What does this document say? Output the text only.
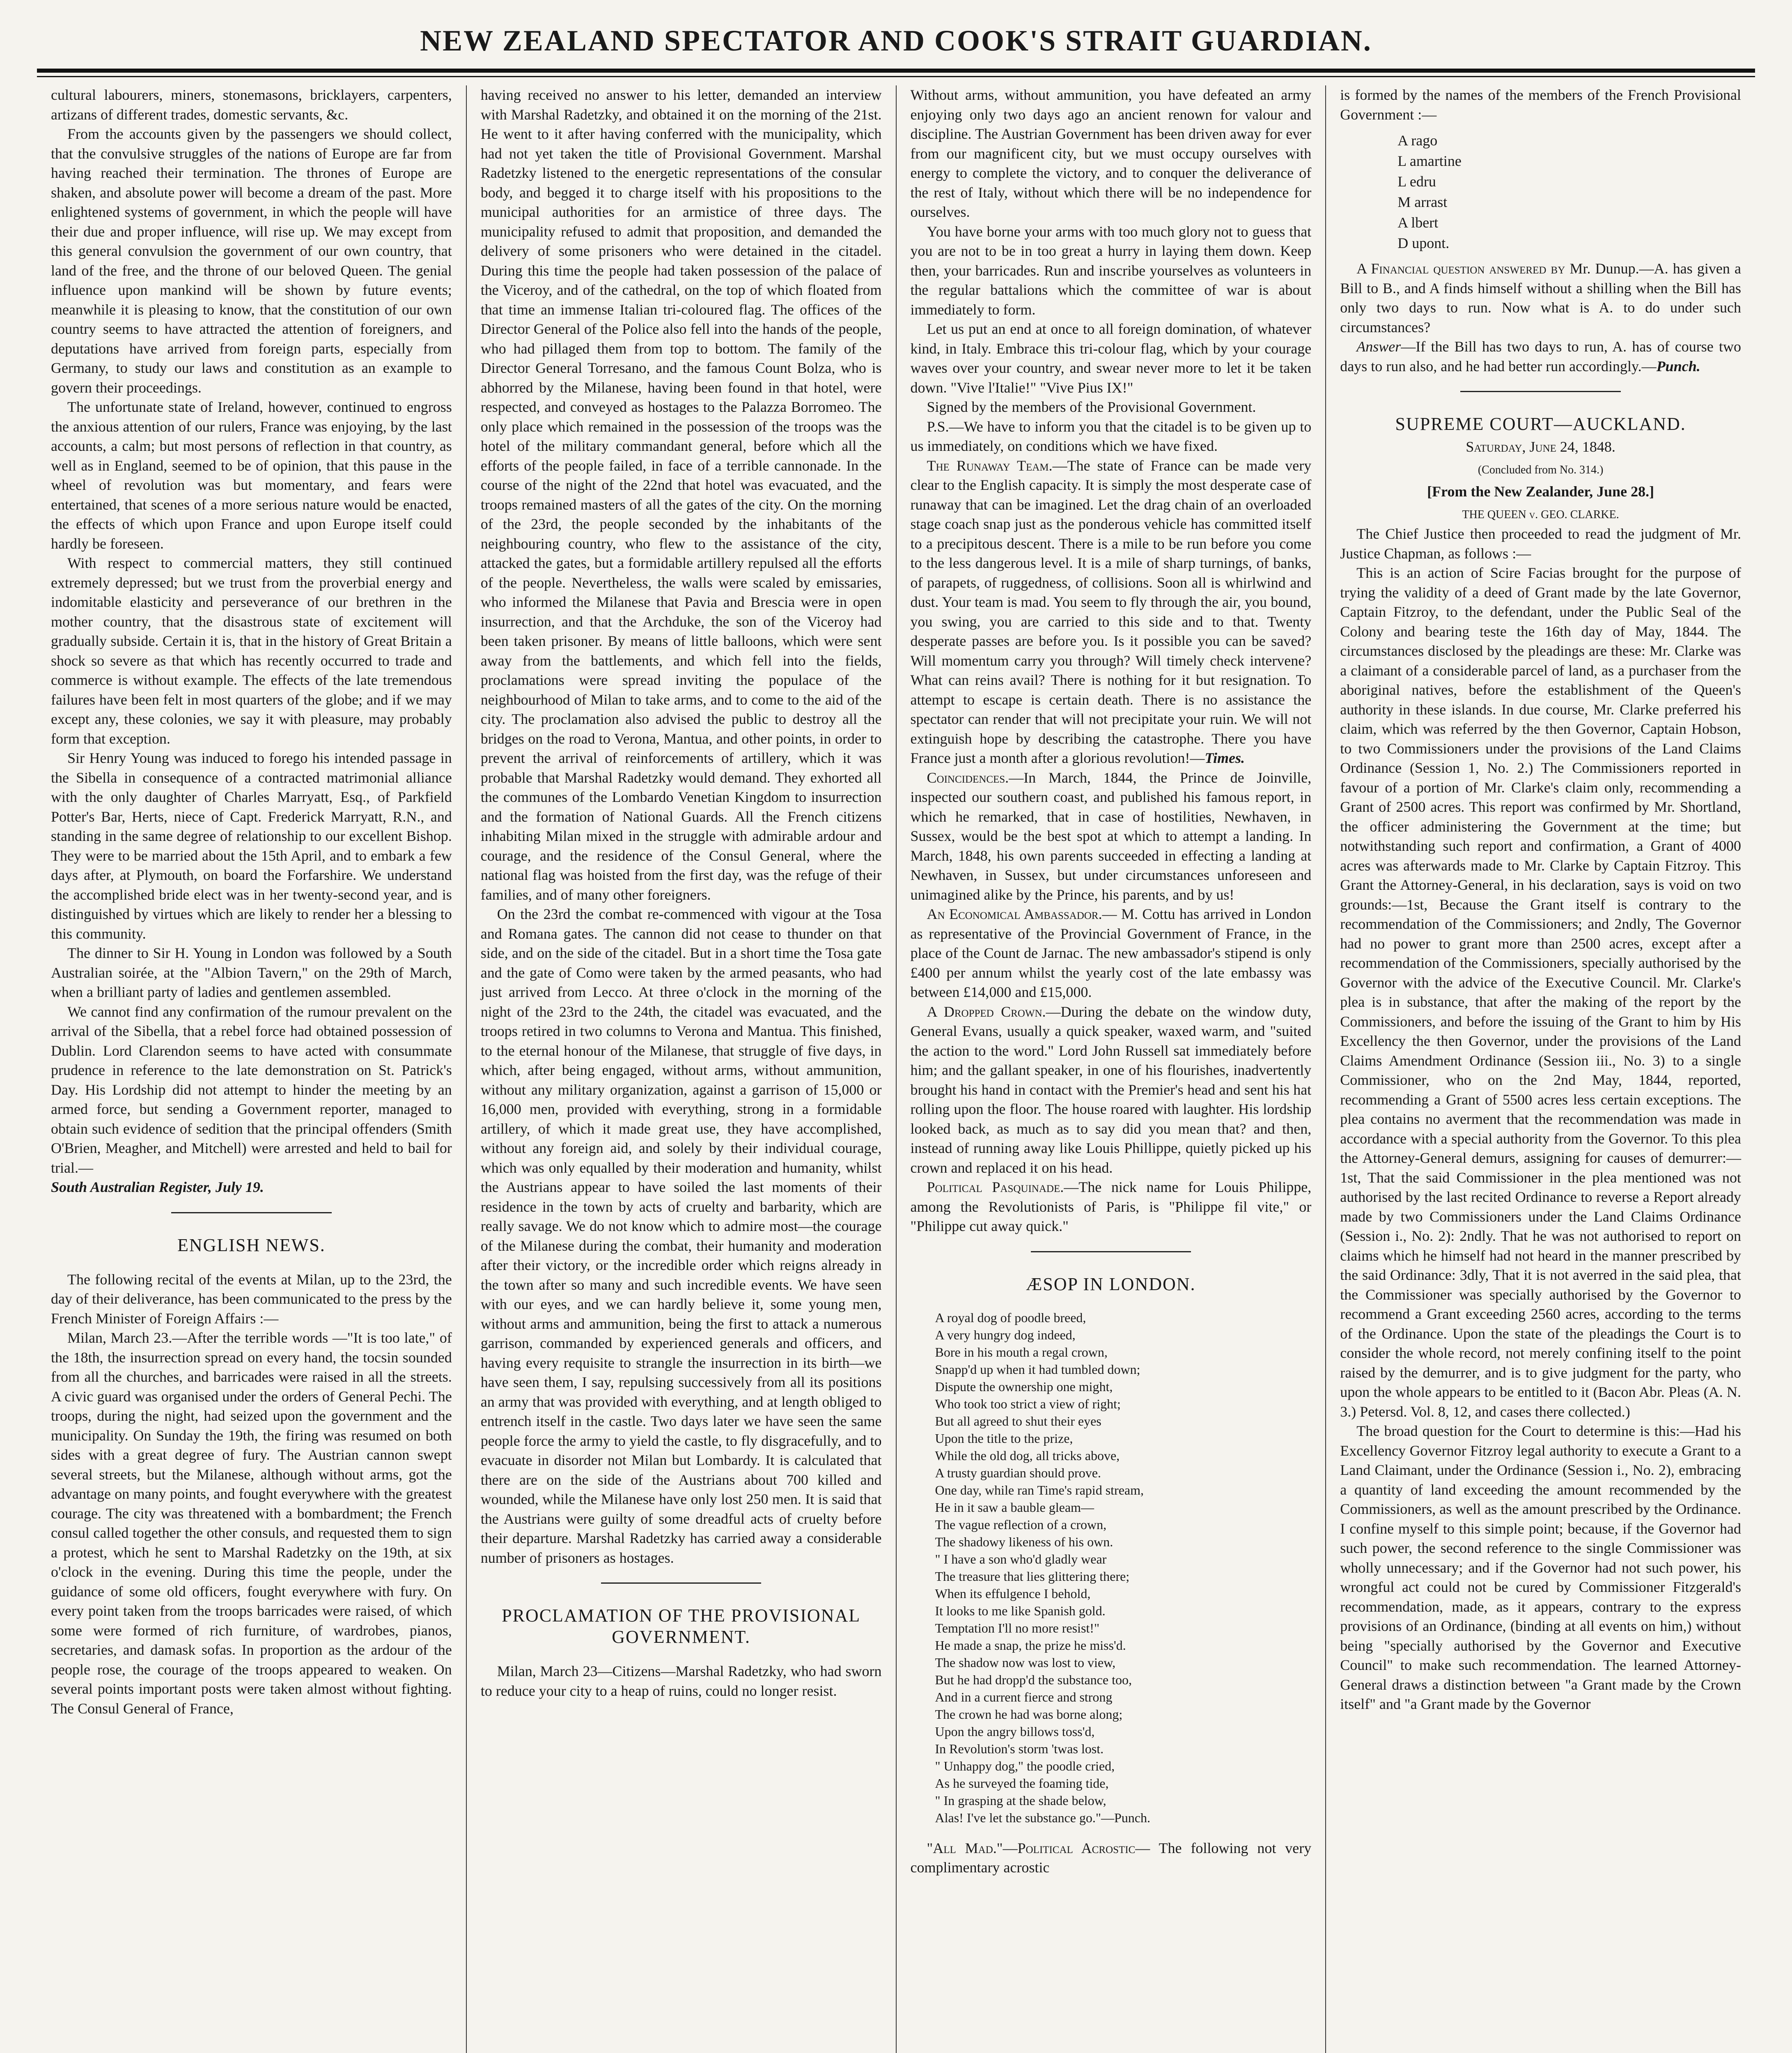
NEW ZEALAND SPECTATOR AND COOK'S STRAIT GUARDIAN.

cultural labourers, miners, stonemasons, bricklayers, carpenters, artizans of different trades, domestic servants, &c.

From the accounts given by the passengers we should collect, that the convulsive struggles of the nations of Europe are far from having reached their termination. The thrones of Europe are shaken, and absolute power will become a dream of the past. More enlightened systems of government, in which the people will have their due and proper influence, will rise up. We may except from this general convulsion the government of our own country, that land of the free, and the throne of our beloved Queen. The genial influence upon mankind will be shown by future events; meanwhile it is pleasing to know, that the constitution of our own country seems to have attracted the attention of foreigners, and deputations have arrived from foreign parts, especially from Germany, to study our laws and constitution as an example to govern their proceedings.

The unfortunate state of Ireland, however, continued to engross the anxious attention of our rulers, France was enjoying, by the last accounts, a calm; but most persons of reflection in that country, as well as in England, seemed to be of opinion, that this pause in the wheel of revolution was but momentary, and fears were entertained, that scenes of a more serious nature would be enacted, the effects of which upon France and upon Europe itself could hardly be foreseen.

With respect to commercial matters, they still continued extremely depressed; but we trust from the proverbial energy and indomitable elasticity and perseverance of our brethren in the mother country, that the disastrous state of excitement will gradually subside. Certain it is, that in the history of Great Britain a shock so severe as that which has recently occurred to trade and commerce is without example. The effects of the late tremendous failures have been felt in most quarters of the globe; and if we may except any, these colonies, we say it with pleasure, may probably form that exception.

Sir Henry Young was induced to forego his intended passage in the Sibella in consequence of a contracted matrimonial alliance with the only daughter of Charles Marryatt, Esq., of Parkfield Potter's Bar, Herts, niece of Capt. Frederick Marryatt, R.N., and standing in the same degree of relationship to our excellent Bishop. They were to be married about the 15th April, and to embark a few days after, at Plymouth, on board the Forfarshire. We understand the accomplished bride elect was in her twenty-second year, and is distinguished by virtues which are likely to render her a blessing to this community.

The dinner to Sir H. Young in London was followed by a South Australian soirée, at the "Albion Tavern," on the 29th of March, when a brilliant party of ladies and gentlemen assembled.

We cannot find any confirmation of the rumour prevalent on the arrival of the Sibella, that a rebel force had obtained possession of Dublin. Lord Clarendon seems to have acted with consummate prudence in reference to the late demonstration on St. Patrick's Day. His Lordship did not attempt to hinder the meeting by an armed force, but sending a Government reporter, managed to obtain such evidence of sedition that the principal offenders (Smith O'Brien, Meagher, and Mitchell) were arrested and held to bail for trial.—
South Australian Register, July 19.

ENGLISH NEWS.

The following recital of the events at Milan, up to the 23rd, the day of their deliverance, has been communicated to the press by the French Minister of Foreign Affairs :—

Milan, March 23.—After the terrible words —"It is too late," of the 18th, the insurrection spread on every hand, the tocsin sounded from all the churches, and barricades were raised in all the streets. A civic guard was organised under the orders of General Pechi. The troops, during the night, had seized upon the government and the municipality. On Sunday the 19th, the firing was resumed on both sides with a great degree of fury. The Austrian cannon swept several streets, but the Milanese, although without arms, got the advantage on many points, and fought everywhere with the greatest courage. The city was threatened with a bombardment; the French consul called together the other consuls, and requested them to sign a protest, which he sent to Marshal Radetzky on the 19th, at six o'clock in the evening. During this time the people, under the guidance of some old officers, fought everywhere with fury. On every point taken from the troops barricades were raised, of which some were formed of rich furniture, of wardrobes, pianos, secretaries, and damask sofas. In proportion as the ardour of the people rose, the courage of the troops appeared to weaken. On several points important posts were taken almost without fighting. The Consul General of France,

having received no answer to his letter, demanded an interview with Marshal Radetzky, and obtained it on the morning of the 21st. He went to it after having conferred with the municipality, which had not yet taken the title of Provisional Government. Marshal Radetzky listened to the energetic representations of the consular body, and begged it to charge itself with his propositions to the municipal authorities for an armistice of three days. The municipality refused to admit that proposition, and demanded the delivery of some prisoners who were detained in the citadel. During this time the people had taken possession of the palace of the Viceroy, and of the cathedral, on the top of which floated from that time an immense Italian tri-coloured flag. The offices of the Director General of the Police also fell into the hands of the people, who had pillaged them from top to bottom. The family of the Director General Torresano, and the famous Count Bolza, who is abhorred by the Milanese, having been found in that hotel, were respected, and conveyed as hostages to the Palazza Borromeo. The only place which remained in the possession of the troops was the hotel of the military commandant general, before which all the efforts of the people failed, in face of a terrible cannonade. In the course of the night of the 22nd that hotel was evacuated, and the troops remained masters of all the gates of the city. On the morning of the 23rd, the people seconded by the inhabitants of the neighbouring country, who flew to the assistance of the city, attacked the gates, but a formidable artillery repulsed all the efforts of the people. Nevertheless, the walls were scaled by emissaries, who informed the Milanese that Pavia and Brescia were in open insurrection, and that the Archduke, the son of the Viceroy had been taken prisoner. By means of little balloons, which were sent away from the battlements, and which fell into the fields, proclamations were spread inviting the populace of the neighbourhood of Milan to take arms, and to come to the aid of the city. The proclamation also advised the public to destroy all the bridges on the road to Verona, Mantua, and other points, in order to prevent the arrival of reinforcements of artillery, which it was probable that Marshal Radetzky would demand. They exhorted all the communes of the Lombardo Venetian Kingdom to insurrection and the formation of National Guards. All the French citizens inhabiting Milan mixed in the struggle with admirable ardour and courage, and the residence of the Consul General, where the national flag was hoisted from the first day, was the refuge of their families, and of many other foreigners.

On the 23rd the combat re-commenced with vigour at the Tosa and Romana gates. The cannon did not cease to thunder on that side, and on the side of the citadel. But in a short time the Tosa gate and the gate of Como were taken by the armed peasants, who had just arrived from Lecco. At three o'clock in the morning of the night of the 23rd to the 24th, the citadel was evacuated, and the troops retired in two columns to Verona and Mantua. This finished, to the eternal honour of the Milanese, that struggle of five days, in which, after being engaged, without arms, without ammunition, without any military organization, against a garrison of 15,000 or 16,000 men, provided with everything, strong in a formidable artillery, of which it made great use, they have accomplished, without any foreign aid, and solely by their individual courage, which was only equalled by their moderation and humanity, whilst the Austrians appear to have soiled the last moments of their residence in the town by acts of cruelty and barbarity, which are really savage. We do not know which to admire most—the courage of the Milanese during the combat, their humanity and moderation after their victory, or the incredible order which reigns already in the town after so many and such incredible events. We have seen with our eyes, and we can hardly believe it, some young men, without arms and ammunition, being the first to attack a numerous garrison, commanded by experienced generals and officers, and having every requisite to strangle the insurrection in its birth—we have seen them, I say, repulsing successively from all its positions an army that was provided with everything, and at length obliged to entrench itself in the castle. Two days later we have seen the same people force the army to yield the castle, to fly disgracefully, and to evacuate in disorder not Milan but Lombardy. It is calculated that there are on the side of the Austrians about 700 killed and wounded, while the Milanese have only lost 250 men. It is said that the Austrians were guilty of some dreadful acts of cruelty before their departure. Marshal Radetzky has carried away a considerable number of prisoners as hostages.

PROCLAMATION OF THE PROVISIONAL GOVERNMENT.

Milan, March 23—Citizens—Marshal Radetzky, who had sworn to reduce your city to a heap of ruins, could no longer resist.

Without arms, without ammunition, you have defeated an army enjoying only two days ago an ancient renown for valour and discipline. The Austrian Government has been driven away for ever from our magnificent city, but we must occupy ourselves with energy to complete the victory, and to conquer the deliverance of the rest of Italy, without which there will be no independence for ourselves.

You have borne your arms with too much glory not to guess that you are not to be in too great a hurry in laying them down. Keep then, your barricades. Run and inscribe yourselves as volunteers in the regular battalions which the committee of war is about immediately to form.

Let us put an end at once to all foreign domination, of whatever kind, in Italy. Embrace this tri-colour flag, which by your courage waves over your country, and swear never more to let it be taken down. "Vive l'Italie!" "Vive Pius IX!"

Signed by the members of the Provisional Government.

P.S.—We have to inform you that the citadel is to be given up to us immediately, on conditions which we have fixed.

The Runaway Team.—The state of France can be made very clear to the English capacity. It is simply the most desperate case of runaway that can be imagined. Let the drag chain of an overloaded stage coach snap just as the ponderous vehicle has committed itself to a precipitous descent. There is a mile to be run before you come to the less dangerous level. It is a mile of sharp turnings, of banks, of parapets, of ruggedness, of collisions. Soon all is whirlwind and dust. Your team is mad. You seem to fly through the air, you bound, you swing, you are carried to this side and to that. Twenty desperate passes are before you. Is it possible you can be saved? Will momentum carry you through? Will timely check intervene? What can reins avail? There is nothing for it but resignation. To attempt to escape is certain death. There is no assistance the spectator can render that will not precipitate your ruin. We will not extinguish hope by describing the catastrophe. There you have France just a month after a glorious revolution!—Times.

Coincidences.—In March, 1844, the Prince de Joinville, inspected our southern coast, and published his famous report, in which he remarked, that in case of hostilities, Newhaven, in Sussex, would be the best spot at which to attempt a landing. In March, 1848, his own parents succeeded in effecting a landing at Newhaven, in Sussex, but under circumstances unforeseen and unimagined alike by the Prince, his parents, and by us!

An Economical Ambassador.— M. Cottu has arrived in London as representative of the Provincial Government of France, in the place of the Count de Jarnac. The new ambassador's stipend is only £400 per annum whilst the yearly cost of the late embassy was between £14,000 and £15,000.

A Dropped Crown.—During the debate on the window duty, General Evans, usually a quick speaker, waxed warm, and "suited the action to the word." Lord John Russell sat immediately before him; and the gallant speaker, in one of his flourishes, inadvertently brought his hand in contact with the Premier's head and sent his hat rolling upon the floor. The house roared with laughter. His lordship looked back, as much as to say did you mean that? and then, instead of running away like Louis Phillippe, quietly picked up his crown and replaced it on his head.

Political Pasquinade.—The nick name for Louis Philippe, among the Revolutionists of Paris, is "Philippe fil vite," or "Philippe cut away quick."

ÆSOP IN LONDON.
A royal dog of poodle breed,
A very hungry dog indeed,
Bore in his mouth a regal crown,
Snapp'd up when it had tumbled down;
Dispute the ownership one might,
Who took too strict a view of right;
But all agreed to shut their eyes
Upon the title to the prize,
While the old dog, all tricks above,
A trusty guardian should prove.
One day, while ran Time's rapid stream,
He in it saw a bauble gleam—
The vague reflection of a crown,
The shadowy likeness of his own.
" I have a son who'd gladly wear
The treasure that lies glittering there;
When its effulgence I behold,
It looks to me like Spanish gold.
Temptation I'll no more resist!"
He made a snap, the prize he miss'd.
The shadow now was lost to view,
But he had dropp'd the substance too,
And in a current fierce and strong
The crown he had was borne along;
Upon the angry billows toss'd,
In Revolution's storm 'twas lost.
" Unhappy dog," the poodle cried,
As he surveyed the foaming tide,
" In grasping at the shade below,
Alas! I've let the substance go."—Punch.

"All Mad."—Political Acrostic— The following not very complimentary acrostic

is formed by the names of the members of the French Provisional Government :—

A rago
L amartine
L edru
M arrast
A lbert
D upont.

A Financial question answered by Mr. Dunup.—A. has given a Bill to B., and A finds himself without a shilling when the Bill has only two days to run. Now what is A. to do under such circumstances?

Answer—If the Bill has two days to run, A. has of course two days to run also, and he had better run accordingly.—Punch.

SUPREME COURT—AUCKLAND.
Saturday, June 24, 1848.
(Concluded from No. 314.)
[From the New Zealander, June 28.]
THE QUEEN v. GEO. CLARKE.

The Chief Justice then proceeded to read the judgment of Mr. Justice Chapman, as follows :—

This is an action of Scire Facias brought for the purpose of trying the validity of a deed of Grant made by the late Governor, Captain Fitzroy, to the defendant, under the Public Seal of the Colony and bearing teste the 16th day of May, 1844. The circumstances disclosed by the pleadings are these: Mr. Clarke was a claimant of a considerable parcel of land, as a purchaser from the aboriginal natives, before the establishment of the Queen's authority in these islands. In due course, Mr. Clarke preferred his claim, which was referred by the then Governor, Captain Hobson, to two Commissioners under the provisions of the Land Claims Ordinance (Session 1, No. 2.) The Commissioners reported in favour of a portion of Mr. Clarke's claim only, recommending a Grant of 2500 acres. This report was confirmed by Mr. Shortland, the officer administering the Government at the time; but notwithstanding such report and confirmation, a Grant of 4000 acres was afterwards made to Mr. Clarke by Captain Fitzroy. This Grant the Attorney-General, in his declaration, says is void on two grounds:—1st, Because the Grant itself is contrary to the recommendation of the Commissioners; and 2ndly, The Governor had no power to grant more than 2500 acres, except after a recommendation of the Commissioners, specially authorised by the Governor with the advice of the Executive Council. Mr. Clarke's plea is in substance, that after the making of the report by the Commissioners, and before the issuing of the Grant to him by His Excellency the then Governor, under the provisions of the Land Claims Amendment Ordinance (Session iii., No. 3) to a single Commissioner, who on the 2nd May, 1844, reported, recommending a Grant of 5500 acres less certain exceptions. The plea contains no averment that the recommendation was made in accordance with a special authority from the Governor. To this plea the Attorney-General demurs, assigning for causes of demurrer:—1st, That the said Commissioner in the plea mentioned was not authorised by the last recited Ordinance to reverse a Report already made by two Commissioners under the Land Claims Ordinance (Session i., No. 2): 2ndly. That he was not authorised to report on claims which he himself had not heard in the manner prescribed by the said Ordinance: 3dly, That it is not averred in the said plea, that the Commissioner was specially authorised by the Governor to recommend a Grant exceeding 2560 acres, according to the terms of the Ordinance. Upon the state of the pleadings the Court is to consider the whole record, not merely confining itself to the point raised by the demurrer, and is to give judgment for the party, who upon the whole appears to be entitled to it (Bacon Abr. Pleas (A. N. 3.) Petersd. Vol. 8, 12, and cases there collected.)

The broad question for the Court to determine is this:—Had his Excellency Governor Fitzroy legal authority to execute a Grant to a Land Claimant, under the Ordinance (Session i., No. 2), embracing a quantity of land exceeding the amount recommended by the Commissioners, as well as the amount prescribed by the Ordinance. I confine myself to this simple point; because, if the Governor had such power, the second reference to the single Commissioner was wholly unnecessary; and if the Governor had not such power, his wrongful act could not be cured by Commissioner Fitzgerald's recommendation, made, as it appears, contrary to the express provisions of an Ordinance, (binding at all events on him,) without being "specially authorised by the Governor and Executive Council" to make such recommendation. The learned Attorney-General draws a distinction between "a Grant made by the Crown itself" and "a Grant made by the Governor
